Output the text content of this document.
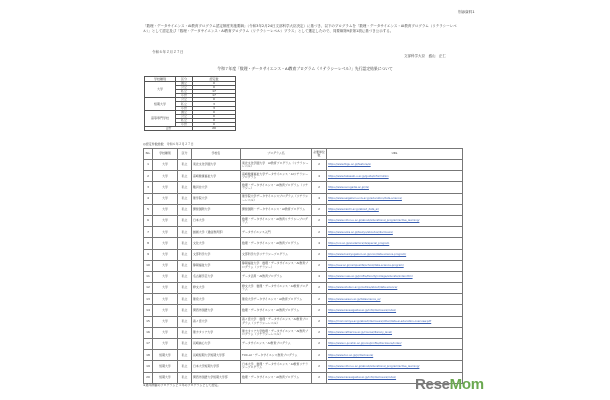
別添資料1
「数理・データサイエンス・AI教育プログラム認定制度実施要綱」（令和3年2月24日文部科学大臣決定）に基づき、以下のプログラムを「数理・データサイエンス・AI教育プログラム（リテラシーレベル）」として認定及び「数理・データサイエンス・AI教育プログラム（リテラシーレベル）プラス」として選定したので、同要綱第9条第1項に基づき公示する。
令和６年２月２７日
文部科学大臣　盛山　正仁
令和７年度「数理・データサイエンス・AI教育プログラム（リテラシーレベル）」先行認定結果について
学校種別	区分	認定数
大学	国立	0
	公立	0
	私立	17
	小計	17
短期大学	公立	0
	私立	3
	小計	3
高等専門学校	国立	0
	公立	0
	私立	0
	小計	0
合計		20
◎認定件数総数　令和６年２月２７日
No.	学校種別	区分	学校名	プログラム名	必要単位数	URL
1	大学	私立	東北文化学園大学	東北文化学園大学　AI教育プログラム（リテラシーレベル）	2	https://www.tbgu.ac.jp/feature/ai
2	大学	私立	高崎健康福祉大学	高崎健康福祉大学データサイエンス・AIリテラシープログラム	4	https://www.takasaki-u.ac.jp/guide/information
3	大学	私立	駿河台大学	数理・データサイエンス・AI教育プログラム（リテラシー）	2	https://www.surugadai.ac.jp/ds/
4	大学	私立	聖学院大学	聖学院大学データサイエンスプログラム（リテラシーレベル）	4	https://www.seigakuin-univ.ac.jp/education/data-science/
5	大学	私立	開智国際大学	開智国際・データサイエンス・AI教育プログラム	2	https://www.kaichi.ac.jp/about_data_ai/
6	大学	私立	日本大学	数理・データサイエンス・AI教育リテラシープログラム	2	https://www.nihon-u.ac.jp/about/educational_program/active_learning/
7	大学	私立	創価大学（通信教育部）	データサイエンス入門	2	https://www.soka.ac.jp/tsukyo/aboutus/disclosure/
8	大学	私立	文化大学	数理・データサイエンス・AI教育プログラム	4	https://uni.ac.jp/academics/ds/special_program
9	大学	私立	文部科学大学	文部科学大学リテラシープログラム	2	https://www.bunkyogakuin.ac.jp/univ/data-science-program/
10	大学	私立	静岡福祉大学	静岡福祉大学　数理・データサイエンス・AI教育プログラム（リテラシー）	2	https://suw.ac.jp/campuslife/school/data-science-program/
11	大学	私立	名古屋学芸大学	データ活用・AI教育プログラム	4	https://www.nuas.ac.jp/profile/faculty/college/educate/index.html
12	大学	私立	修文大学	修文大学　数理・データサイエンス・AI教育プログラム	2	https://www.shubun.ac.jp/outline/about/data-science/
13	大学	私立	聖泉大学	聖泉大学データサイエンス・AI教育プログラム	2	https://www.seisen.ac.jp/datascience_ai/
14	大学	私立	関西外国語大学	数理・データサイエンス・AI教育プログラム	2	https://www.kansaigaidai.ac.jp/info/disclosure/index/
15	大学	私立	森ノ宮大学	森ノ宮大学　数理・データサイエンス・AI教育プログラム（リテラシーレベル）	2	https://morinomiya.ac.jp/about/disclosure/other/data-ai-education-overview.pdf
16	大学	私立	聖カタリナ大学	聖カタリナ大学数理・データサイエンス・AI教育プログラム（リテラシーレベル）	2	https://www.catherine.ac.jp/course/literacy_level/
17	大学	私立	長崎純心大学	データサイエンス・AI教育プログラム	2	https://www.n-junshin.ac.jp/univ/profile/disclosure/index/
18	短期大学	私立	長崎短期大学短期大学部	TUC-AI・データサイエンス教育プログラム	2	https://www.tuc.ac.jp/jc/disclosure/
19	短期大学	私立	日本大学短期大学部	日本大学　数理・データサイエンス・AI教育リテラシープログラム	2	https://www.nihon-u.ac.jp/about/educational_program/active_learning/
20	短期大学	私立	関西外国語大学短期大学部	数理・データサイエンス・AI教育プログラム	2	https://www.kansaigaidai.ac.jp/info/disclosure/index/
※通年開催のプログラムと５年のプログラムとして認定。	ReseMom
